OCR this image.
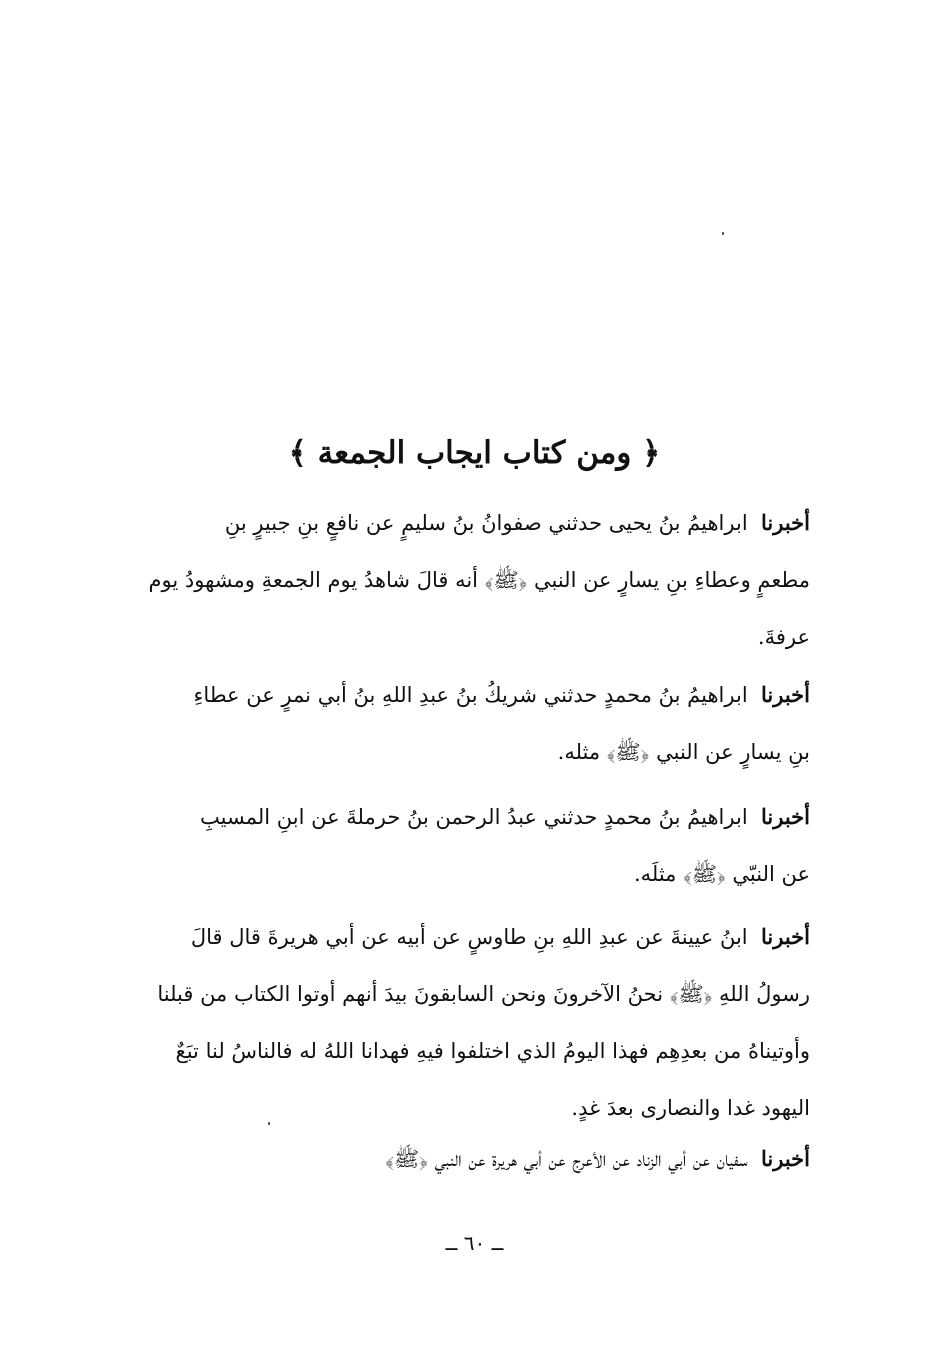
﴿ ومن كتاب ايجاب الجمعة ﴾
أخبرنا  ابراهيمُ بنُ يحيى حدثني صفوانُ بنُ سليمٍ عن نافعٍ بنِ جبيرٍ بنِ
مطعمٍ وعطاءِ بنِ يسارٍ عن النبي ﴿ﷺ﴾ أنه قالَ شاهدُ يوم الجمعةِ ومشهودُ يوم
عرفةَ.
أخبرنا  ابراهيمُ بنُ محمدٍ حدثني شريكُ بنُ عبدِ اللهِ بنُ أبي نمرٍ عن عطاءِ
بنِ يسارٍ عن النبي ﴿ﷺ﴾ مثله.
أخبرنا  ابراهيمُ بنُ محمدٍ حدثني عبدُ الرحمن بنُ حرملةَ عن ابنِ المسيبِ
عن النبّي ﴿ﷺ﴾ مثلَه.
أخبرنا  ابنُ عيينةَ عن عبدِ اللهِ بنِ طاوسٍ عن أبيه عن أبي هريرةَ قال قالَ
رسولُ اللهِ ﴿ﷺ﴾ نحنُ الآخرونَ ونحن السابقونَ بيدَ أنهم أوتوا الكتاب من قبلنا
وأوتيناهُ من بعدِهِم فهذا اليومُ الذي اختلفوا فيهِ فهدانا اللهُ له فالناسُ لنا تبَعٌ
اليهود غدا والنصارى بعدَ غدٍ.
أخبرنا  سفيان عن أبي الزناد عن الأعرج عن أبي هريرة عن النبي ﴿ﷺ﴾
ــ ٦٠ ــ
